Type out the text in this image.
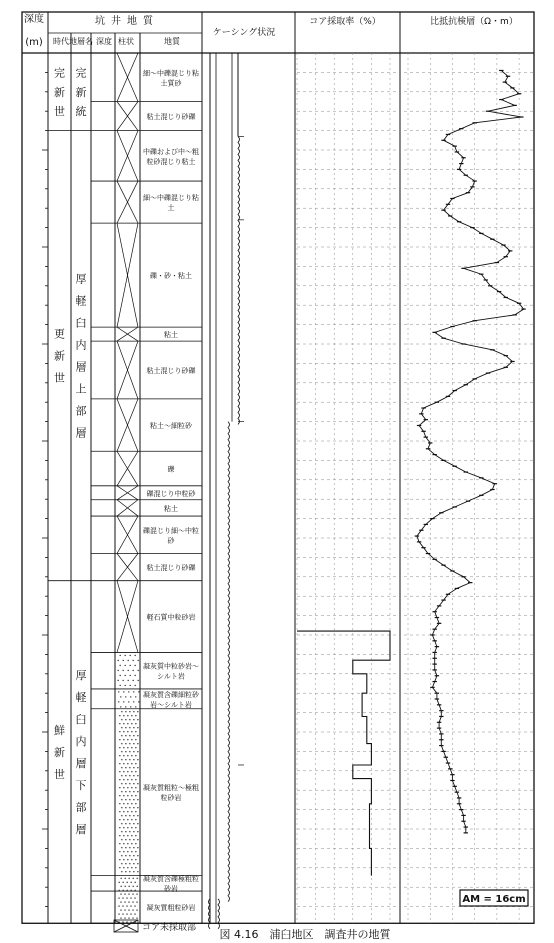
深度
(m)
坑井地質
時代 地層名 深度 柱状	地質
ケーシング状況
コア採取率（%）	比抵抗検層（Ω・m）
完
新
世
更
新
世
鮮
新
世
完
新
統
厚
軽
臼
内
層
上
部
層
厚
軽
臼
内
層
下
部
層
細～中礫混じり粘
土質砂
粘土混じり砂礫
中礫および中～粗
粒砂混じり粘土
細～中礫混じり粘
土
礫・砂・粘土
粘土混じり砂礫
粘土～細粒砂
礫
礫混じり中粒砂
粘土
礫混じり細～中粒
砂
粘土混じり砂礫
軽石質中粒砂岩
凝灰質中粒砂岩～
シルト岩
凝灰質含礫細粒砂
岩～シルト岩
凝灰質粗粒～極粗
粒砂岩
凝灰質含礫極粗粒
砂岩
凝灰質粗粒砂岩
粘土
AM = 16cm
コア未採取部 図 4.16　浦臼地区　調査井の地質
